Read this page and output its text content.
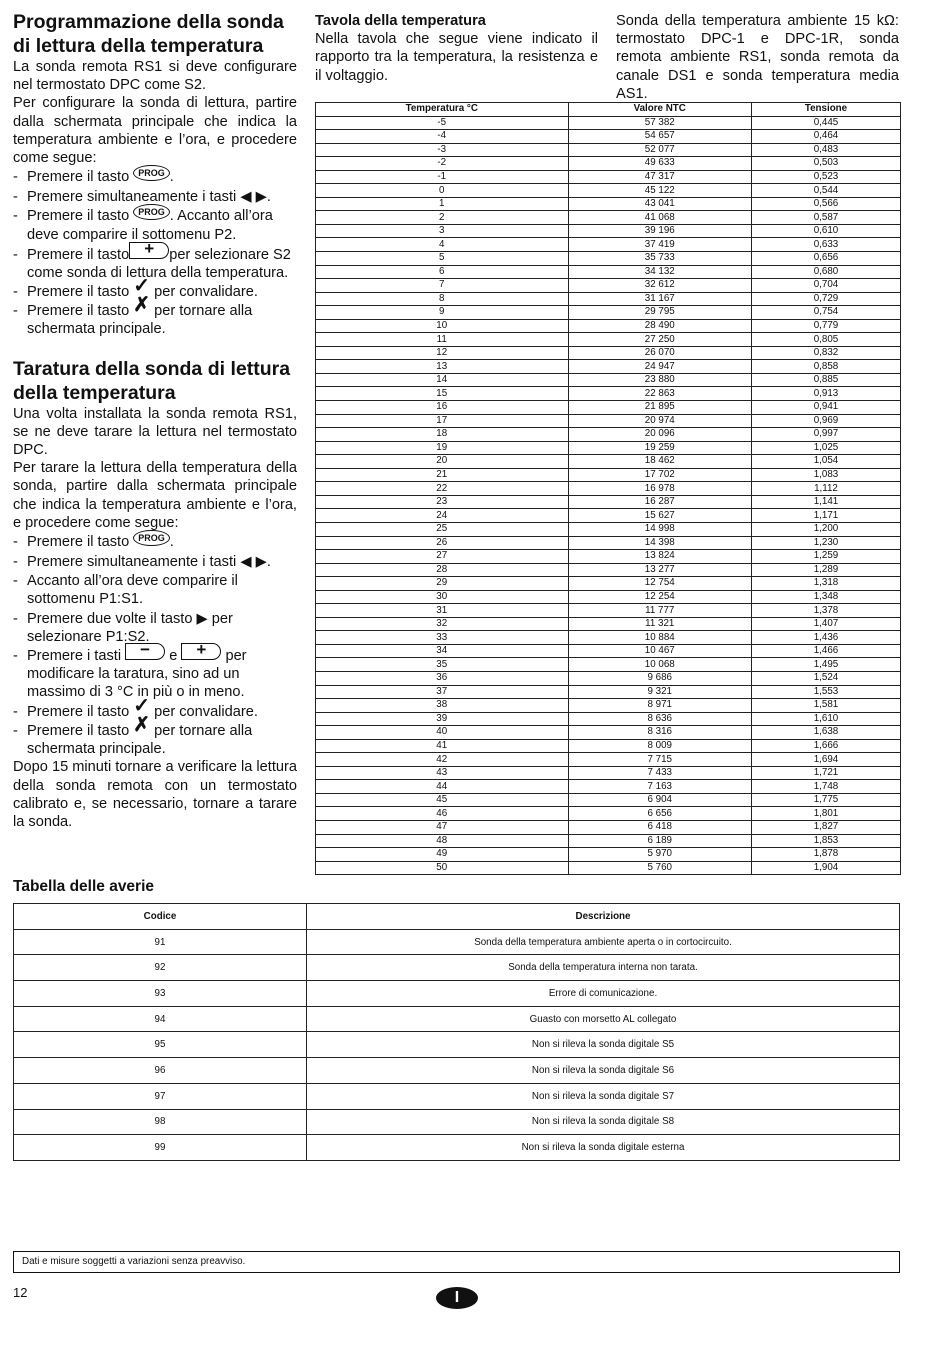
Programmazione della sonda di lettura della temperatura

La sonda remota RS1 si deve configurare nel termostato DPC come S2.

Per configurare la sonda di lettura, partire dalla schermata principale che indica la temperatura ambiente e l’ora, e procedere come segue:

- Premere il tasto PROG .
- Premere simultaneamente i tasti ◀ ▶.
- Premere il tasto PROG . Accanto all’ora deve comparire il sottomenu P2.
- Premere il tasto + per selezionare S2 come sonda di lettura della temperatura.
- Premere il tasto ✓ per convalidare.
- Premere il tasto ✗ per tornare alla schermata principale.
Taratura della sonda di lettura della temperatura

Una volta installata la sonda remota RS1, se ne deve tarare la lettura nel termostato DPC.

Per tarare la lettura della temperatura della sonda, partire dalla schermata principale che indica la temperatura ambiente e l’ora, e procedere come segue:

- Premere il tasto PROG .
- Premere simultaneamente i tasti ◀ ▶.
- Accanto all’ora deve comparire il sottomenu P1:S1.
- Premere due volte il tasto ▶ per selezionare P1:S2.
- Premere i tasti − e + per modificare la taratura, sino ad un massimo di 3 °C in più o in meno.
- Premere il tasto ✓ per convalidare.
- Premere il tasto ✗ per tornare alla schermata principale.

Dopo 15 minuti tornare a verificare la lettura della sonda remota con un termostato calibrato e, se necessario, tornare a tarare la sonda.

Tavola della temperatura

Nella tavola che segue viene indicato il rapporto tra la temperatura, la resistenza e il voltaggio.

Sonda della temperatura ambiente 15 kΩ: termostato DPC-1 e DPC-1R, sonda remota ambiente RS1, sonda remota da canale DS1 e sonda temperatura media AS1.
Temperatura °C	Valore NTC	Tensione
-5	57 382	0,445
-4	54 657	0,464
-3	52 077	0,483
-2	49 633	0,503
-1	47 317	0,523
0	45 122	0,544
1	43 041	0,566
2	41 068	0,587
3	39 196	0,610
4	37 419	0,633
5	35 733	0,656
6	34 132	0,680
7	32 612	0,704
8	31 167	0,729
9	29 795	0,754
10	28 490	0,779
11	27 250	0,805
12	26 070	0,832
13	24 947	0,858
14	23 880	0,885
15	22 863	0,913
16	21 895	0,941
17	20 974	0,969
18	20 096	0,997
19	19 259	1,025
20	18 462	1,054
21	17 702	1,083
22	16 978	1,112
23	16 287	1,141
24	15 627	1,171
25	14 998	1,200
26	14 398	1,230
27	13 824	1,259
28	13 277	1,289
29	12 754	1,318
30	12 254	1,348
31	11 777	1,378
32	11 321	1,407
33	10 884	1,436
34	10 467	1,466
35	10 068	1,495
36	9 686	1,524
37	9 321	1,553
38	8 971	1,581
39	8 636	1,610
40	8 316	1,638
41	8 009	1,666
42	7 715	1,694
43	7 433	1,721
44	7 163	1,748
45	6 904	1,775
46	6 656	1,801
47	6 418	1,827
48	6 189	1,853
49	5 970	1,878
50	5 760	1,904
Tabella delle averie
Codice	Descrizione
91	Sonda della temperatura ambiente aperta o in cortocircuito.
92	Sonda della temperatura interna non tarata.
93	Errore di comunicazione.
94	Guasto con morsetto AL collegato
95	Non si rileva la sonda digitale S5
96	Non si rileva la sonda digitale S6
97	Non si rileva la sonda digitale S7
98	Non si rileva la sonda digitale S8
99	Non si rileva la sonda digitale esterna
Dati e misure soggetti a variazioni senza preavviso.
12	I
